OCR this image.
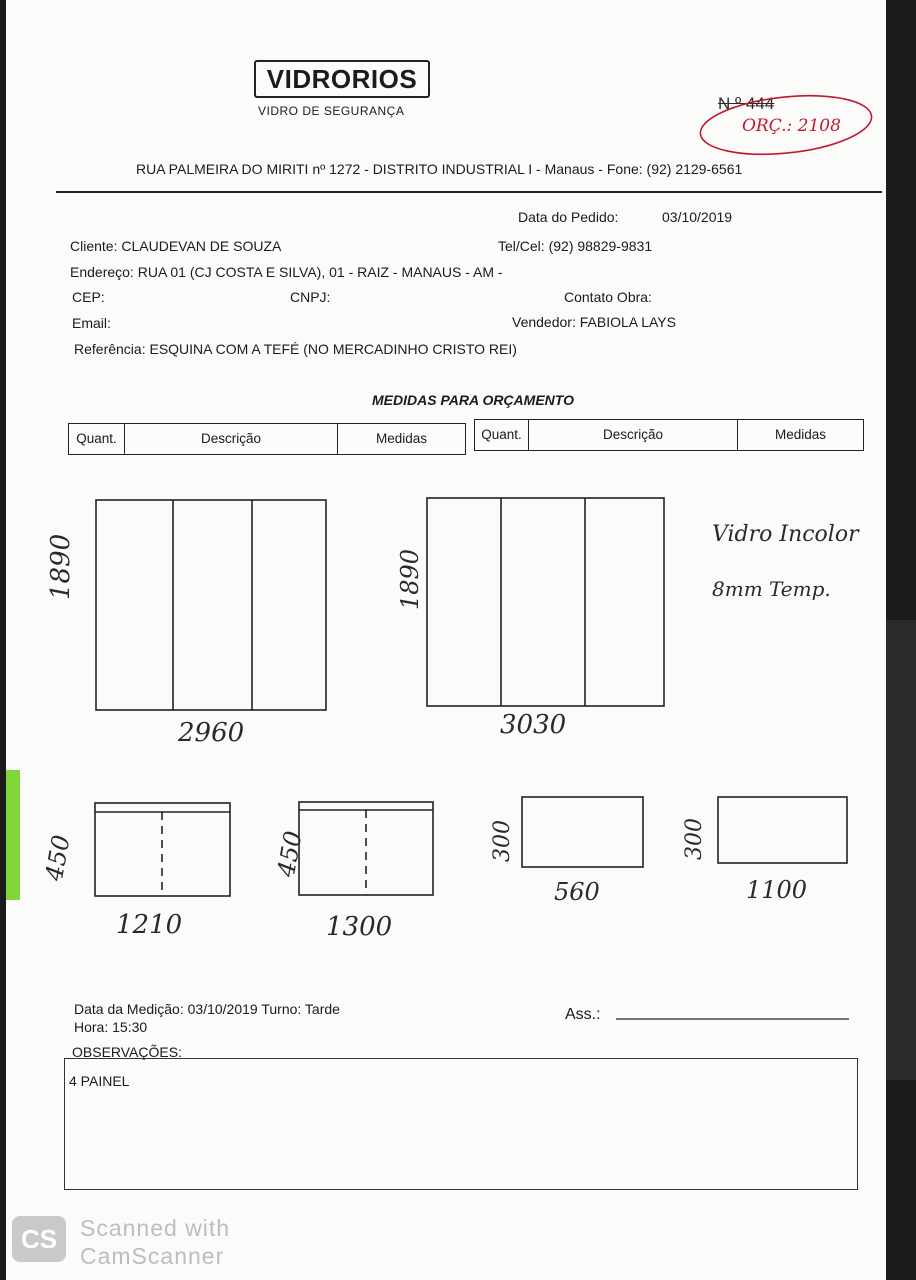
VIDRORIOS
VIDRO DE SEGURANÇA	N.º 444
ORÇ.: 2108
RUA PALMEIRA DO MIRITI nº 1272 - DISTRITO INDUSTRIAL I - Manaus - Fone: (92) 2129-6561
Data do Pedido:	03/10/2019
Cliente: CLAUDEVAN DE SOUZA	Tel/Cel: (92) 98829-9831
Endereço: RUA 01 (CJ COSTA E SILVA), 01 - RAIZ - MANAUS - AM -
CEP:	CNPJ:	Contato Obra:
Email:	Vendedor: FABIOLA LAYS
Referência: ESQUINA COM A TEFÉ (NO MERCADINHO CRISTO REI)
MEDIDAS PARA ORÇAMENTO
Quant.	Descrição	Medidas	Quant.	Descrição	Medidas
1890
2960
1890
3030
450
1210
450
1300
300
560
300
1100
Vidro Incolor
8mm Temp.
Data da Medição: 03/10/2019 Turno: Tarde
Hora: 15:30
Ass.:
OBSERVAÇÕES:
4 PAINEL
CS Scanned with
CamScanner
